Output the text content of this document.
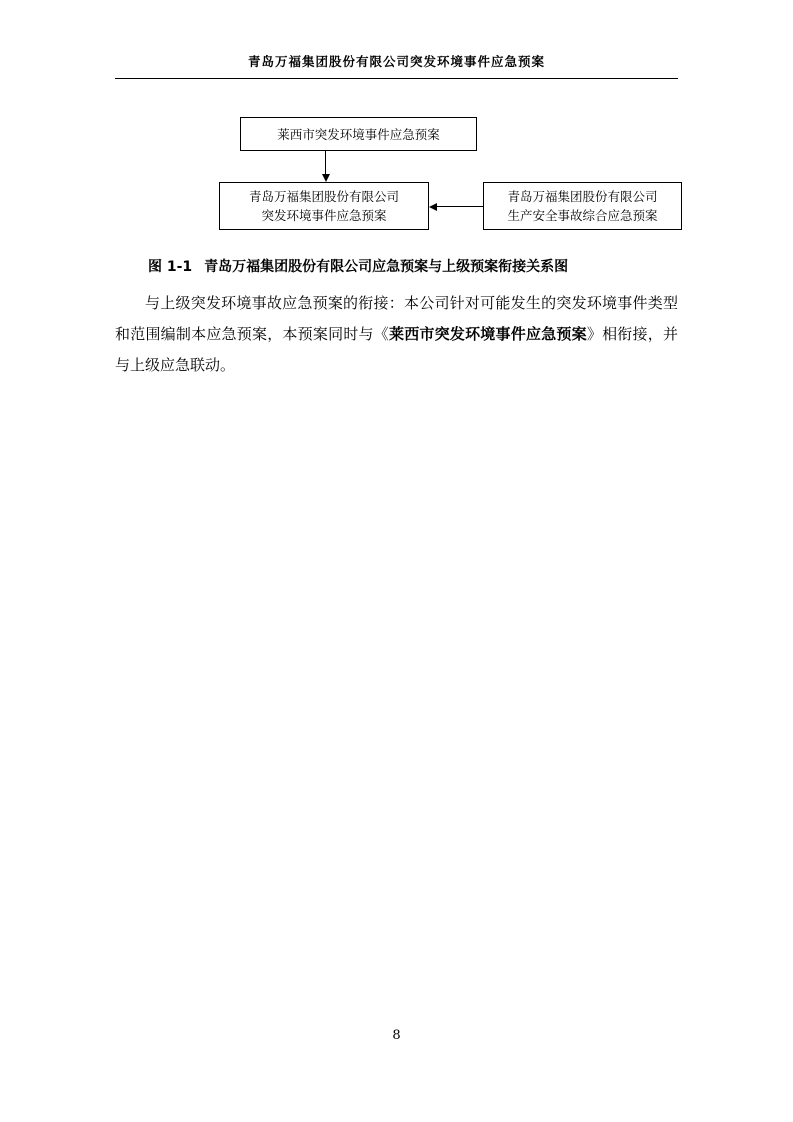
青岛万福集团股份有限公司突发环境事件应急预案
莱西市突发环境事件应急预案
青岛万福集团股份有限公司
突发环境事件应急预案
青岛万福集团股份有限公司
生产安全事故综合应急预案
图 1-1 青岛万福集团股份有限公司应急预案与上级预案衔接关系图
与上级突发环境事故应急预案的衔接：本公司针对可能发生的突发环境事件类型和范围编制本应急预案，本预案同时与《莱西市突发环境事件应急预案》相衔接，并与上级应急联动。
8
